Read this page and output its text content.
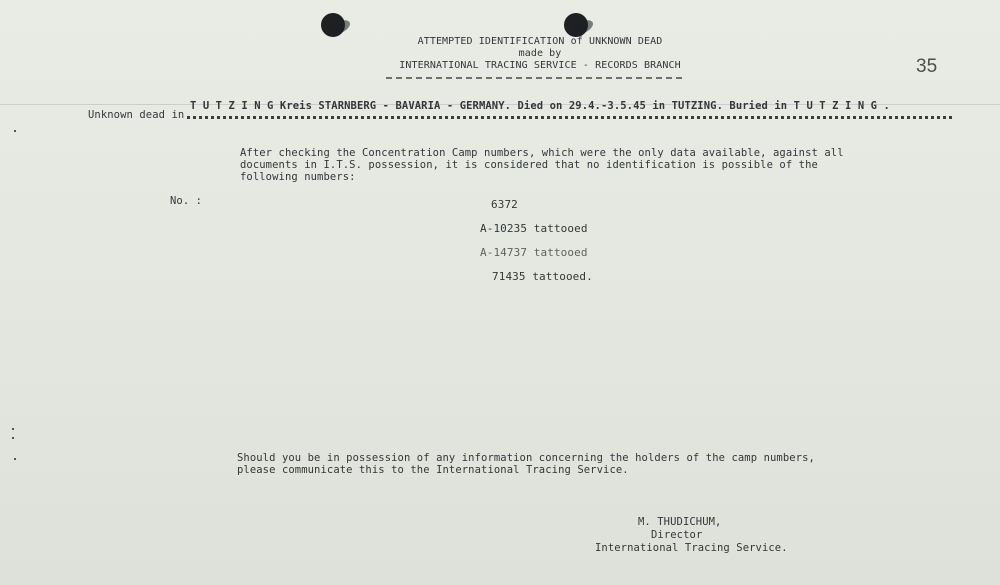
ATTEMPTED IDENTIFICATION of UNKNOWN DEAD
made by
INTERNATIONAL TRACING SERVICE - RECORDS BRANCH	35
Unknown dead in
T U T Z I N G Kreis STARNBERG - BAVARIA - GERMANY. Died on 29.4.-3.5.45 in TUTZING. Buried in T U T Z I N G .
After checking the Concentration Camp numbers, which were the only data available, against all
documents in I.T.S. possession, it is considered that no identification is possible of the
following numbers:
No. :	6372
A-10235 tattooed
A-14737 tattooed
71435 tattooed.
Should you be in possession of any information concerning the holders of the camp numbers,
please communicate this to the International Tracing Service.
M. THUDICHUM,
Director
International Tracing Service.
